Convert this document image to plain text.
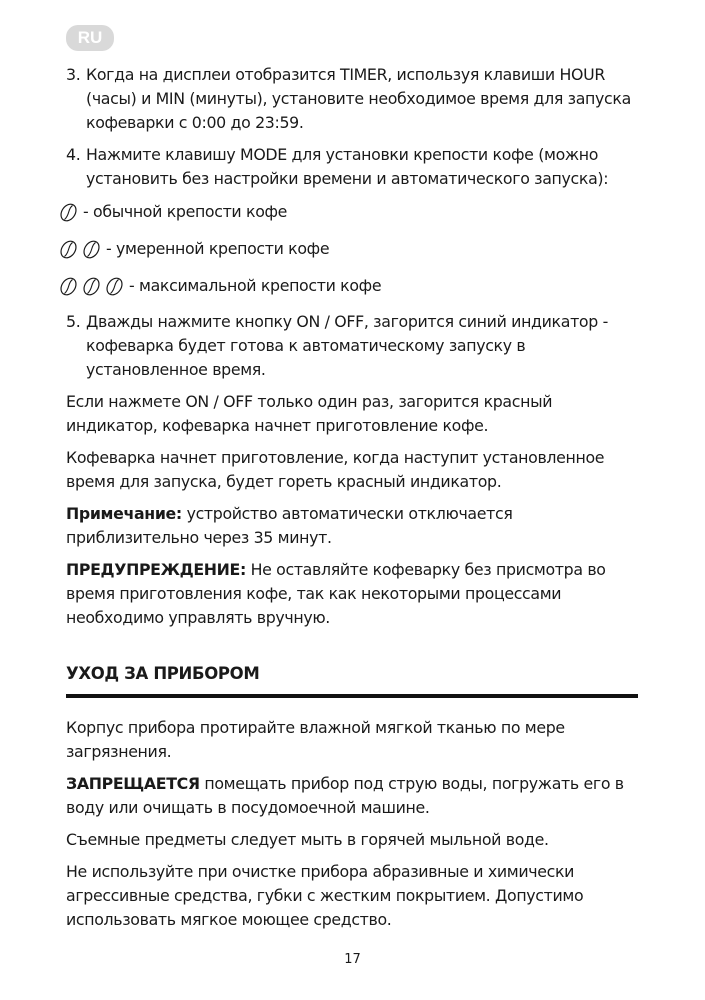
RU
3. Когда на дисплеи отобразится TIMER, используя клавиши HOUR (часы) и MIN (минуты), установите необходимое время для запуска кофеварки с 0:00 до 23:59.
4. Нажмите клавишу MODE для установки крепости кофе (можно установить без настройки времени и автоматического запуска):
- обычной крепости кофе
- умеренной крепости кофе
- максимальной крепости кофе
5. Дважды нажмите кнопку ON / OFF, загорится синий индикатор - кофеварка будет готова к автоматическому запуску в установленное время.

Если нажмете ON / OFF только один раз, загорится красный индикатор, кофеварка начнет приготовление кофе.

Кофеварка начнет приготовление, когда наступит установленное время для запуска, будет гореть красный индикатор.

Примечание: устройство автоматически отключается приблизительно через 35 минут.

ПРЕДУПРЕЖДЕНИЕ: Не оставляйте кофеварку без присмотра во время приготовления кофе, так как некоторыми процессами необходимо управлять вручную.

УХОД ЗА ПРИБОРОМ

Корпус прибора протирайте влажной мягкой тканью по мере загрязнения.

ЗАПРЕЩАЕТСЯ помещать прибор под струю воды, погружать его в воду или очищать в посудомоечной машине.

Съемные предметы следует мыть в горячей мыльной воде.

Не используйте при очистке прибора абразивные и химически агрессивные средства, губки с жестким покрытием. Допустимо использовать мягкое моющее средство.

17
